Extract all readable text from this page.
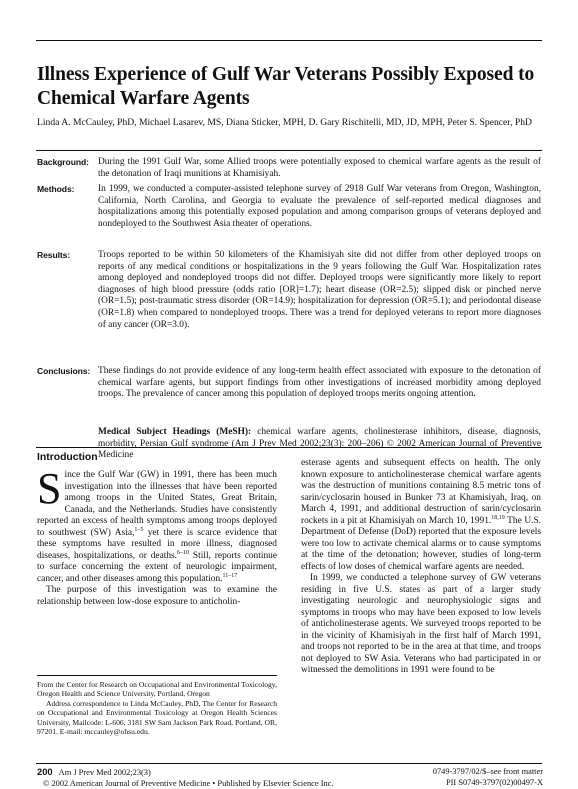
Illness Experience of Gulf War Veterans Possibly Exposed to Chemical Warfare Agents

Linda A. McCauley, PhD, Michael Lasarev, MS, Diana Sticker, MPH, D. Gary Rischitelli, MD, JD, MPH, Peter S. Spencer, PhD

Background: During the 1991 Gulf War, some Allied troops were potentially exposed to chemical warfare agents as the result of the detonation of Iraqi munitions at Khamisiyah.

Methods:	In 1999, we conducted a computer-assisted telephone survey of 2918 Gulf War veterans from Oregon, Washington, California, North Carolina, and Georgia to evaluate the prevalence of self-reported medical diagnoses and hospitalizations among this potentially exposed population and among comparison groups of veterans deployed and nondeployed to the Southwest Asia theater of operations.

Results:	Troops reported to be within 50 kilometers of the Khamisiyah site did not differ from other deployed troops on reports of any medical conditions or hospitalizations in the 9 years following the Gulf War. Hospitalization rates among deployed and nondeployed troops did not differ. Deployed troops were significantly more likely to report diagnoses of high blood pressure (odds ratio [OR]=1.7); heart disease (OR=2.5); slipped disk or pinched nerve (OR=1.5); post-traumatic stress disorder (OR=14.9); hospitalization for depression (OR=5.1); and periodontal disease (OR=1.8) when compared to nondeployed troops. There was a trend for deployed veterans to report more diagnoses of any cancer (OR=3.0).

Conclusions: These findings do not provide evidence of any long-term health effect associated with exposure to the detonation of chemical warfare agents, but support findings from other investigations of increased morbidity among deployed troops. The prevalence of cancer among this population of deployed troops merits ongoing attention.

Medical Subject Headings (MeSH): chemical warfare agents, cholinesterase inhibitors, disease, diagnosis, morbidity, Persian Gulf syndrome (Am J Prev Med 2002;23(3): 200–206) © 2002 American Journal of Preventive Medicine

Introduction

Since the Gulf War (GW) in 1991, there has been much investigation into the illnesses that have been reported among troops in the United States, Great Britain, Canada, and the Netherlands. Studies have consistently reported an excess of health symptoms among troops deployed to southwest (SW) Asia,$^{1-5}$ yet there is scarce evidence that these symptoms have resulted in more illness, diagnosed diseases, hospitalizations, or deaths.$^{6-10}$ Still, reports continue to surface concerning the extent of neurologic impairment, cancer, and other diseases among this population.$^{11-17}$

The purpose of this investigation was to examine the relationship between low-dose exposure to anticholin-

esterase agents and subsequent effects on health. The only known exposure to anticholinesterase chemical warfare agents was the destruction of munitions containing 8.5 metric tons of sarin/cyclosarin housed in Bunker 73 at Khamisiyah, Iraq, on March 4, 1991, and additional destruction of sarin/cyclosarin rockets in a pit at Khamisiyah on March 10, 1991.$^{18,19}$ The U.S. Department of Defense (DoD) reported that the exposure levels were too low to activate chemical alarms or to cause symptoms at the time of the detonation; however, studies of long-term effects of low doses of chemical warfare agents are needed.

In 1999, we conducted a telephone survey of GW veterans residing in five U.S. states as part of a larger study investigating neurologic and neurophysiologic signs and symptoms in troops who may have been exposed to low levels of anticholinesterase agents. We surveyed troops reported to be in the vicinity of Khamisiyah in the first half of March 1991, and troops not reported to be in the area at that time, and troops not deployed to SW Asia. Veterans who had participated in or witnessed the demolitions in 1991 were found to be

From the Center for Research on Occupational and Environmental Toxicology, Oregon Health and Science University, Portland, Oregon

Address correspondence to Linda McCauley, PhD, The Center for Research on Occupational and Environmental Toxicology at Oregon Health Sciences University, Mailcode: L-606, 3181 SW Sam Jackson Park Road, Portland, OR, 97201. E-mail: mccauley@ohsu.edu.

200 Am J Prev Med 2002;23(3)
© 2002 American Journal of Preventive Medicine • Published by Elsevier Science Inc.
0749-3797/02/$–see front matter
PII S0749-3797(02)00497-X
